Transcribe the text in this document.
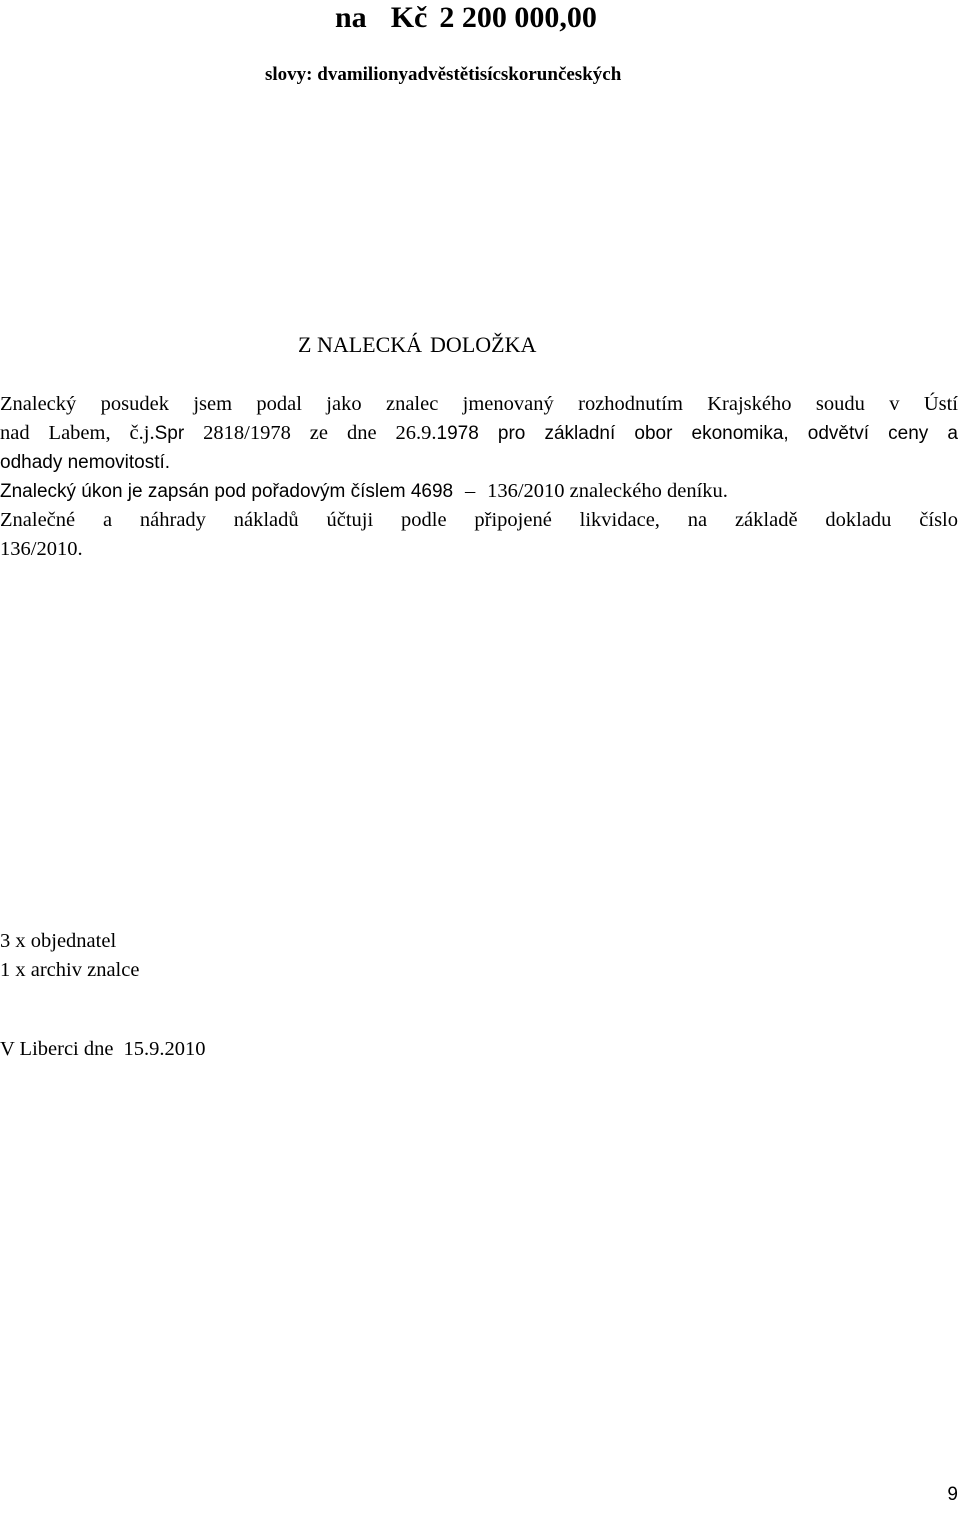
na Kč 2 200 000,00
slovy: dvamilionyadvěstětisícskorunčeských
Z NALECKÁ DOLOŽKA

Znalecký posudek jsem podal jako znalec jmenovaný rozhodnutím Krajského soudu v Ústí

nad Labem, č.j.Spr 2818/1978 ze dne 26.9.1978 pro základní obor ekonomika, odvětví ceny a

odhady nemovitostí.

Znalecký úkon je zapsán pod pořadovým číslem 4698 – 136/2010 znaleckého deníku.

Znalečné a náhrady nákladů účtuji podle připojené likvidace, na základě dokladu číslo

136/2010.

3 x objednatel
1 x archiv znalce
V Liberci dne 15.9.2010
9
